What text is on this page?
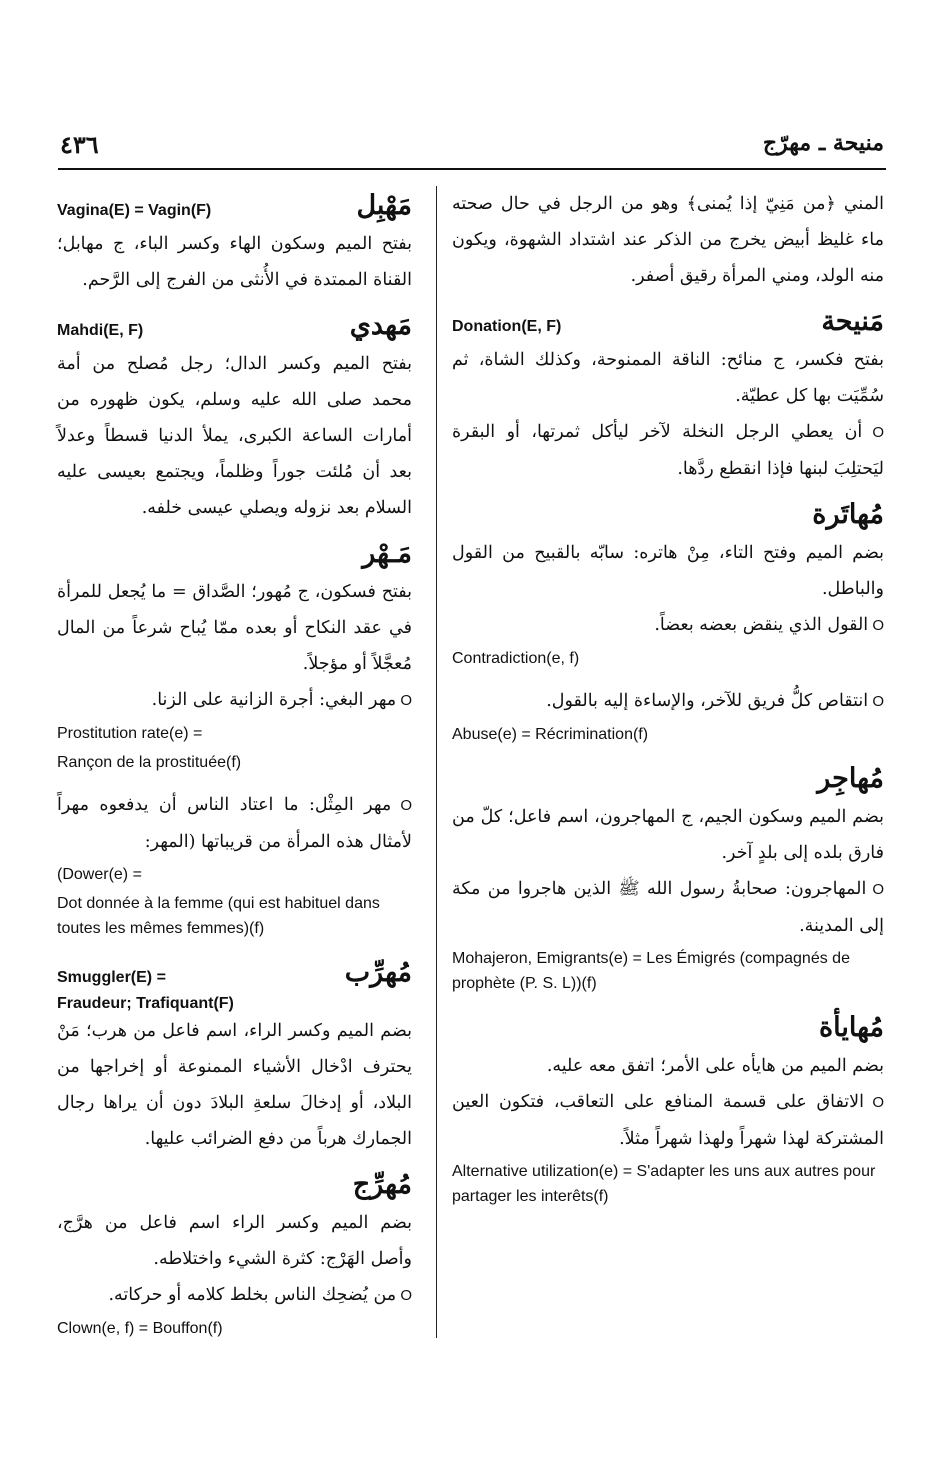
منيحة ـ مهرّج
٤٣٦

المني ﴿من مَنِيّ إذا يُمنى﴾ وهو من الرجل في حال صحته ماء غليظ أبيض يخرج من الذكر عند اشتداد الشهوة، ويكون منه الولد، ومني المرأة رقيق أصفر.

مَنيحة
Donation(E, F)

بفتح فكسر، ج منائح: الناقة الممنوحة، وكذلك الشاة، ثم سُمِّيَت بها كل عطيّة.

O أن يعطي الرجل النخلة لآخر ليأكل ثمرتها، أو البقرة ليَحتلِبَ لبنها فإذا انقطع ردَّها.

مُهاتَرة

بضم الميم وفتح التاء، مِنْ هاتره: سابّه بالقبيح من القول والباطل.

O القول الذي ينقض بعضه بعضاً.

Contradiction(e, f)

O انتقاص كلُّ فريق للآخر، والإساءة إليه بالقول.

Abuse(e) = Récrimination(f)
مُهاجِر

بضم الميم وسكون الجيم، ج المهاجرون، اسم فاعل؛ كلّ من فارق بلده إلى بلدٍ آخر.

O المهاجرون: صحابةُ رسول الله ﷺ الذين هاجروا من مكة إلى المدينة.

Mohajeron, Emigrants(e) = Les Émigrés (compagnés de prophète (P. S. L))(f)
مُهايأة

بضم الميم من هايأه على الأمر؛ اتفق معه عليه.

O الاتفاق على قسمة المنافع على التعاقب، فتكون العين المشتركة لهذا شهراً ولهذا شهراً مثلاً.

Alternative utilization(e) = S'adapter les uns aux autres pour partager les interêts(f)
مَهْبِل
Vagina(E) = Vagin(F)

بفتح الميم وسكون الهاء وكسر الباء، ج مهابل؛ القناة الممتدة في الأُنثى من الفرج إلى الرَّحم.

مَهدي
Mahdi(E, F)

بفتح الميم وكسر الدال؛ رجل مُصلح من أمة محمد صلى الله عليه وسلم، يكون ظهوره من أمارات الساعة الكبرى، يملأ الدنيا قسطاً وعدلاً بعد أن مُلئت جوراً وظلماً، ويجتمع بعيسى عليه السلام بعد نزوله ويصلي عيسى خلفه.

مَـهْر

بفتح فسكون، ج مُهور؛ الصَّداق = ما يُجعل للمرأة في عقد النكاح أو بعده ممّا يُباح شرعاً من المال مُعجَّلاً أو مؤجلاً.

O مهر البغي: أجرة الزانية على الزنا.

Prostitution rate(e) =
Rançon de la prostituée(f)

O مهر المِثْل: ما اعتاد الناس أن يدفعوه مهراً لأمثال هذه المرأة من قريباتها (المهر:

(Dower(e) =
Dot donnée à la femme (qui est habituel dans toutes les mêmes femmes)(f)
مُهرِّب
Smuggler(E) =
Fraudeur; Trafiquant(F)

بضم الميم وكسر الراء، اسم فاعل من هرب؛ مَنْ يحترف ادْخال الأشياء الممنوعة أو إخراجها من البلاد، أو إدخالَ سلعةِ البلادَ دون أن يراها رجال الجمارك هرباً من دفع الضرائب عليها.

مُهرِّج

بضم الميم وكسر الراء اسم فاعل من هرَّج، وأصل الهَرْج: كثرة الشيء واختلاطه.

O من يُضحِك الناس بخلط كلامه أو حركاته.

Clown(e, f) = Bouffon(f)
